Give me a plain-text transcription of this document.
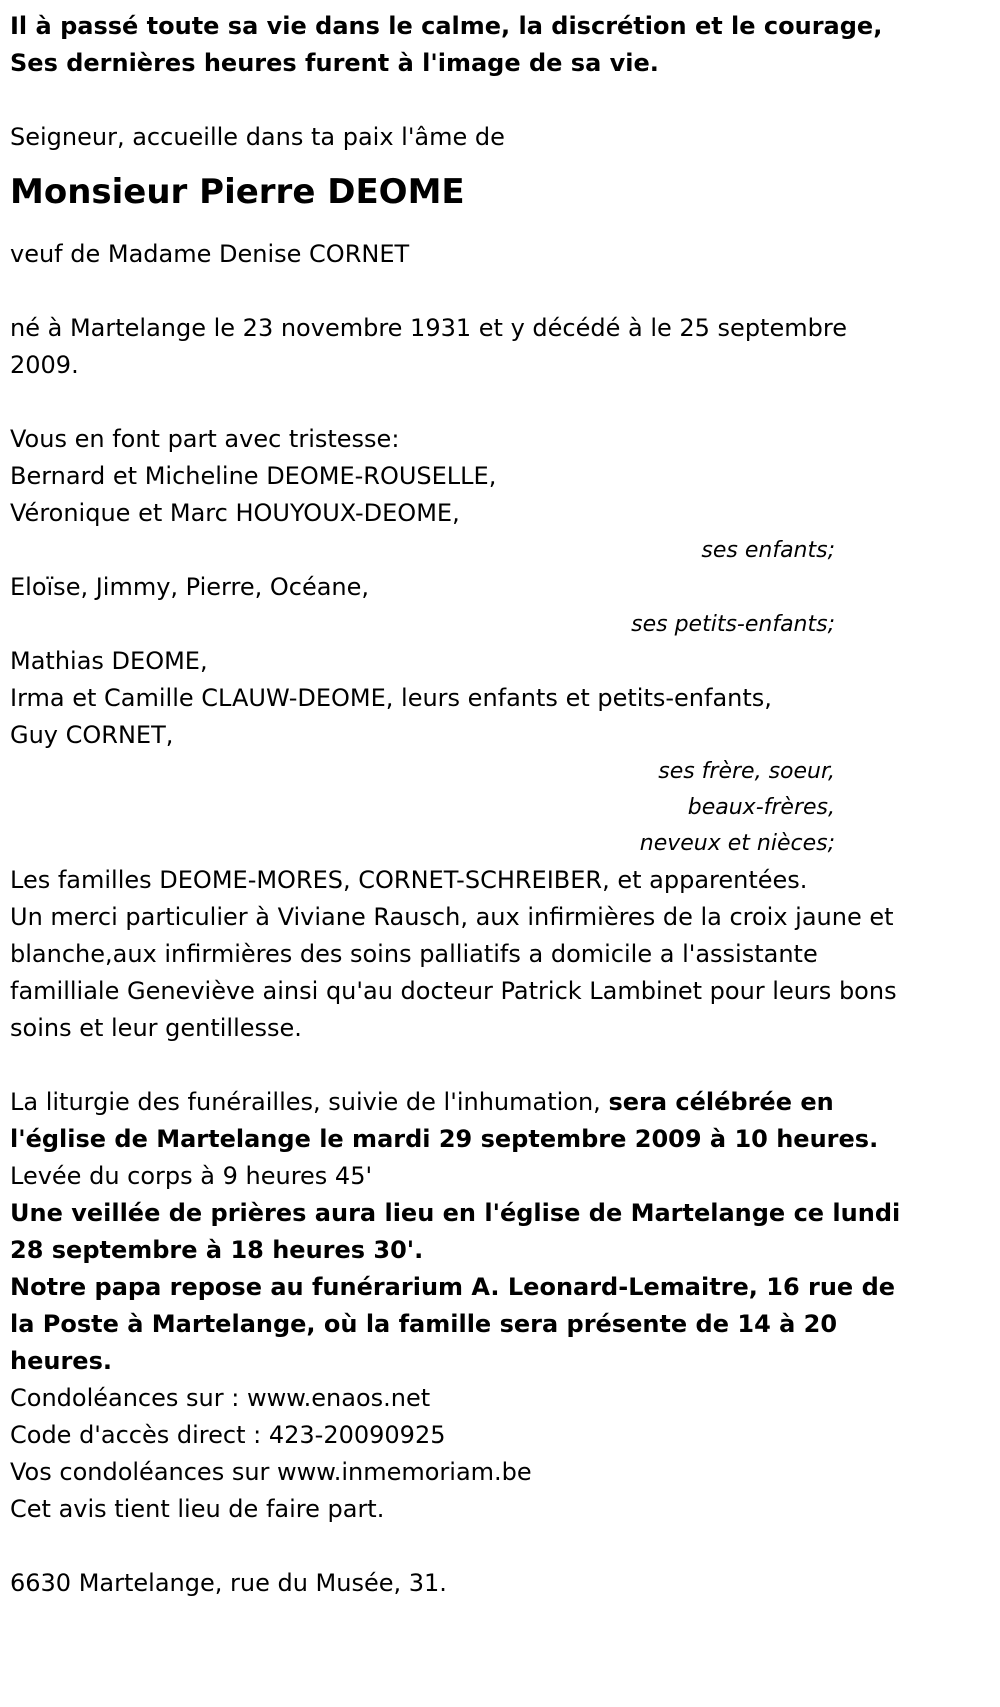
Il à passé toute sa vie dans le calme, la discrétion et le courage,
Ses dernières heures furent à l'image de sa vie.
Seigneur, accueille dans ta paix l'âme de
Monsieur Pierre DEOME
veuf de Madame Denise CORNET
né à Martelange le 23 novembre 1931 et y décédé à le 25 septembre 2009.
Vous en font part avec tristesse:
Bernard et Micheline DEOME-ROUSELLE,
Véronique et Marc HOUYOUX-DEOME,
ses enfants;
Eloïse, Jimmy, Pierre, Océane,
ses petits-enfants;
Mathias DEOME,
Irma et Camille CLAUW-DEOME, leurs enfants et petits-enfants,
Guy CORNET,
ses frère, soeur,
beaux-frères,
neveux et nièces;
Les familles DEOME-MORES, CORNET-SCHREIBER, et apparentées.
Un merci particulier à Viviane Rausch, aux infirmières de la croix jaune et blanche,aux infirmières des soins palliatifs a domicile a l'assistante familliale Geneviève ainsi qu'au docteur Patrick Lambinet pour leurs bons soins et leur gentillesse.
La liturgie des funérailles, suivie de l'inhumation, sera célébrée en l'église de Martelange le mardi 29 septembre 2009 à 10 heures.
Levée du corps à 9 heures 45'
Une veillée de prières aura lieu en l'église de Martelange ce lundi 28 septembre à 18 heures 30'.
Notre papa repose au funérarium A. Leonard-Lemaitre, 16 rue de la Poste à Martelange, où la famille sera présente de 14 à 20 heures.
Condoléances sur : www.enaos.net
Code d'accès direct : 423-20090925
Vos condoléances sur www.inmemoriam.be
Cet avis tient lieu de faire part.
6630 Martelange, rue du Musée, 31.
